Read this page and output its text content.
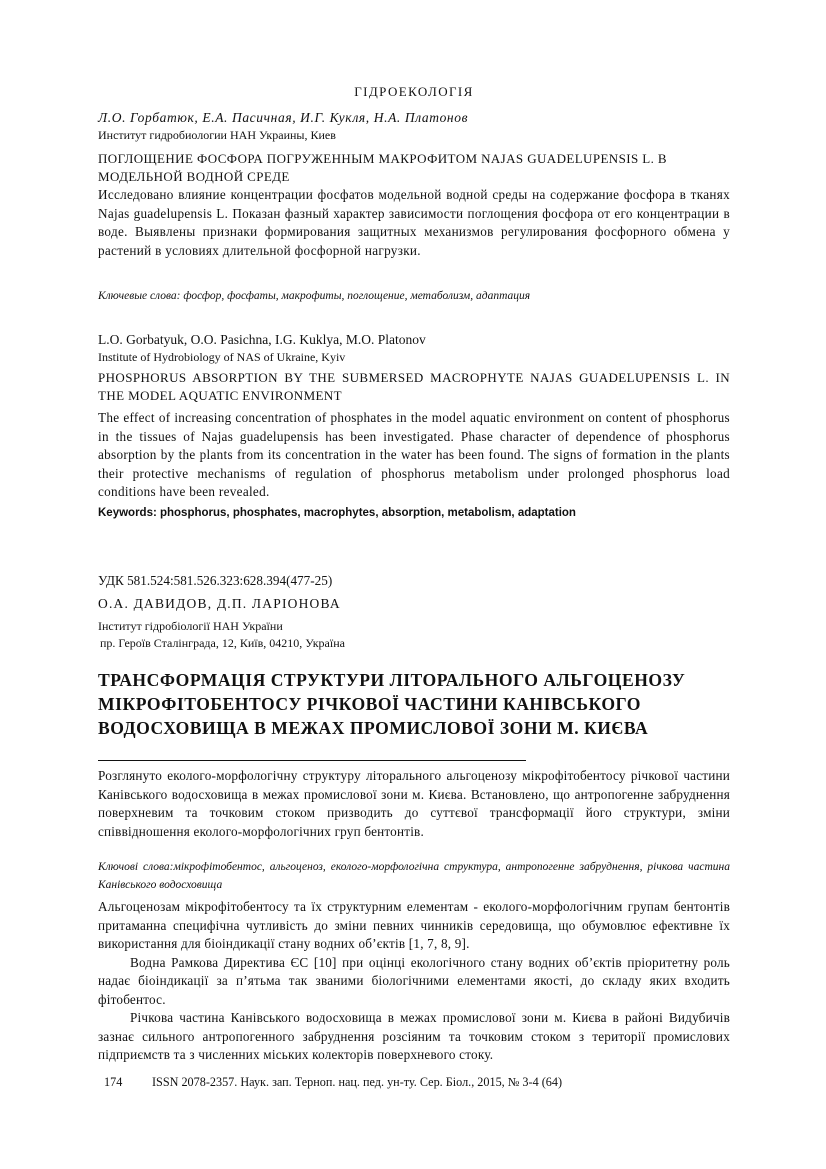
ГІДРОЕКОЛОГІЯ
Л.О. Горбатюк, Е.А. Пасичная, И.Г. Кукля, Н.А. Платонов
Институт гидробиологии НАН Украины, Киев
ПОГЛОЩЕНИЕ ФОСФОРА ПОГРУЖЕННЫМ МАКРОФИТОМ NAJAS GUADELUPENSIS L. В МОДЕЛЬНОЙ ВОДНОЙ СРЕДЕ
Исследовано влияние концентрации фосфатов модельной водной среды на содержание фосфора в тканях Najas guadelupensis L. Показан фазный характер зависимости поглощения фосфора от его концентрации в воде. Выявлены признаки формирования защитных механизмов регулирования фосфорного обмена у растений в условиях длительной фосфорной нагрузки.
Ключевые слова: фосфор, фосфаты, макрофиты, поглощение, метаболизм, адаптация
L.O. Gorbatyuk, O.O. Pasichna, I.G. Kuklya, M.O. Platonov
Institute of Hydrobiology of NAS of Ukraine, Kyiv
PHOSPHORUS ABSORPTION BY THE SUBMERSED MACROPHYTE NAJAS GUADELUPENSIS L. IN THE MODEL AQUATIC ENVIRONMENT
The effect of increasing concentration of phosphates in the model aquatic environment on content of phosphorus in the tissues of Najas guadelupensis has been investigated. Phase character of dependence of phosphorus absorption by the plants from its concentration in the water has been found. The signs of formation in the plants their protective mechanisms of regulation of phosphorus metabolism under prolonged phosphorus load conditions have been revealed.
Keywords: phosphorus, phosphates, macrophytes, absorption, metabolism, adaptation
УДК 581.524:581.526.323:628.394(477-25)
О.А. ДАВИДОВ, Д.П. ЛАРІОНОВА
Інститут гідробіології НАН України
пр. Героїв Сталінграда, 12, Київ, 04210, Україна
ТРАНСФОРМАЦІЯ СТРУКТУРИ ЛІТОРАЛЬНОГО АЛЬГОЦЕНОЗУ МІКРОФІТОБЕНТОСУ РІЧКОВОЇ ЧАСТИНИ КАНІВСЬКОГО ВОДОСХОВИЩА В МЕЖАХ ПРОМИСЛОВОЇ ЗОНИ М. КИЄВА
Розглянуто еколого-морфологічну структуру літорального альгоценозу мікрофітобентосу річкової частини Канівського водосховища в межах промислової зони м. Києва. Встановлено, що антропогенне забруднення поверхневим та точковим стоком призводить до суттєвої трансформації його структури, зміни співвідношення еколого-морфологічних груп бентонтів.
Ключові слова:мікрофітобентос, альгоценоз, еколого-морфологічна структура, антропогенне забруднення, річкова частина Канівського водосховища

Альгоценозам мікрофітобентосу та їх структурним елементам - еколого-морфологічним групам бентонтів притаманна специфічна чутливість до зміни певних чинників середовища, що обумовлює ефективне їх використання для біоіндикації стану водних об’єктів [1, 7, 8, 9].

Водна Рамкова Директива ЄС [10] при оцінці екологічного стану водних об’єктів пріоритетну роль надає біоіндикації за п’ятьма так званими біологічними елементами якості, до складу яких входить фітобентос.

Річкова частина Канівського водосховища в межах промислової зони м. Києва в районі Видубичів зазнає сильного антропогенного забруднення розсіяним та точковим стоком з території промислових підприємств та з численних міських колекторів поверхневого стоку.

174 ISSN 2078-2357. Наук. зап. Терноп. нац. пед. ун-ту. Сер. Біол., 2015, № 3-4 (64)
